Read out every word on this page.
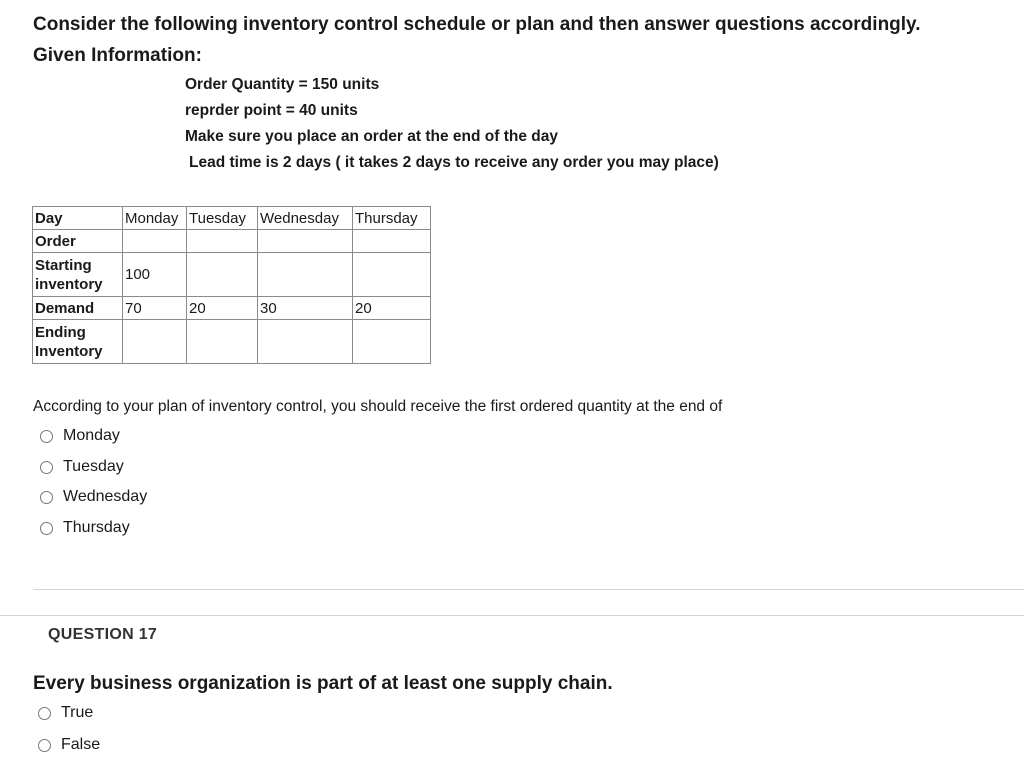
Consider the following inventory control schedule or plan and then answer questions accordingly.
Given Information:
Order Quantity = 150 units
reprder point = 40 units
Make sure you place an order at the end of the day
Lead time is 2 days ( it takes 2 days to receive any order you may place)
Day	Monday	Tuesday	Wednesday	Thursday
Order				
Starting inventory	100			
Demand	70	20	30	20
Ending Inventory				
According to your plan of inventory control, you should receive the first ordered quantity at the end of
Monday
Tuesday
Wednesday
Thursday
QUESTION 17
Every business organization is part of at least one supply chain.
True
False
